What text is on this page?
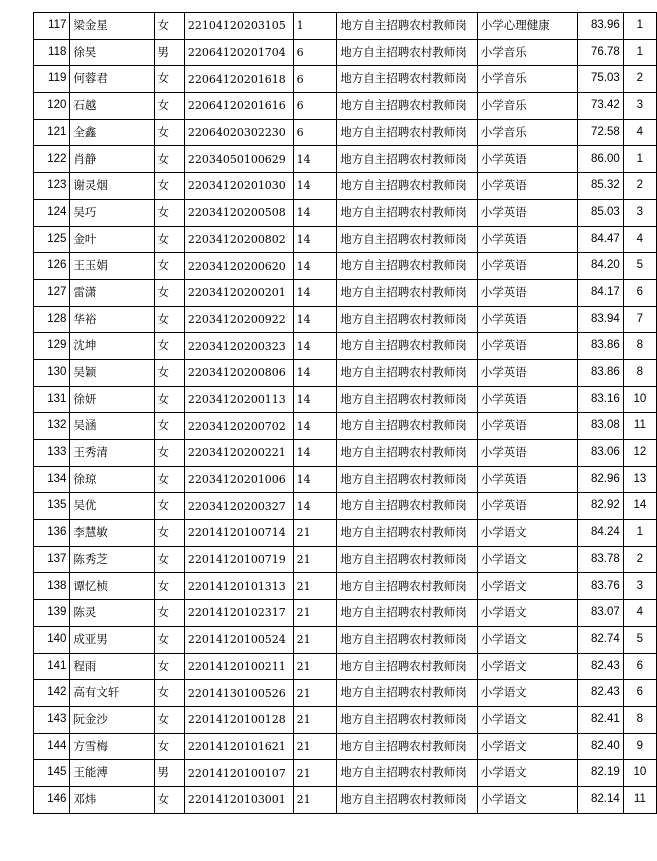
117	梁金星	女	22104120203105	1	地方自主招聘农村教师岗	小学心理健康	83.96	1
118	徐昊	男	22064120201704	6	地方自主招聘农村教师岗	小学音乐	76.78	1
119	何蓉君	女	22064120201618	6	地方自主招聘农村教师岗	小学音乐	75.03	2
120	石越	女	22064120201616	6	地方自主招聘农村教师岗	小学音乐	73.42	3
121	全鑫	女	22064020302230	6	地方自主招聘农村教师岗	小学音乐	72.58	4
122	肖静	女	22034050100629	14	地方自主招聘农村教师岗	小学英语	86.00	1
123	谢灵烟	女	22034120201030	14	地方自主招聘农村教师岗	小学英语	85.32	2
124	吴巧	女	22034120200508	14	地方自主招聘农村教师岗	小学英语	85.03	3
125	金叶	女	22034120200802	14	地方自主招聘农村教师岗	小学英语	84.47	4
126	王玉娟	女	22034120200620	14	地方自主招聘农村教师岗	小学英语	84.20	5
127	雷潇	女	22034120200201	14	地方自主招聘农村教师岗	小学英语	84.17	6
128	华裕	女	22034120200922	14	地方自主招聘农村教师岗	小学英语	83.94	7
129	沈坤	女	22034120200323	14	地方自主招聘农村教师岗	小学英语	83.86	8
130	吴颖	女	22034120200806	14	地方自主招聘农村教师岗	小学英语	83.86	8
131	徐妍	女	22034120200113	14	地方自主招聘农村教师岗	小学英语	83.16	10
132	吴涵	女	22034120200702	14	地方自主招聘农村教师岗	小学英语	83.08	11
133	王秀清	女	22034120200221	14	地方自主招聘农村教师岗	小学英语	83.06	12
134	徐琼	女	22034120201006	14	地方自主招聘农村教师岗	小学英语	82.96	13
135	吴优	女	22034120200327	14	地方自主招聘农村教师岗	小学英语	82.92	14
136	李慧敏	女	22014120100714	21	地方自主招聘农村教师岗	小学语文	84.24	1
137	陈秀芝	女	22014120100719	21	地方自主招聘农村教师岗	小学语文	83.78	2
138	谭忆桢	女	22014120101313	21	地方自主招聘农村教师岗	小学语文	83.76	3
139	陈灵	女	22014120102317	21	地方自主招聘农村教师岗	小学语文	83.07	4
140	成亚男	女	22014120100524	21	地方自主招聘农村教师岗	小学语文	82.74	5
141	程雨	女	22014120100211	21	地方自主招聘农村教师岗	小学语文	82.43	6
142	高有文轩	女	22014130100526	21	地方自主招聘农村教师岗	小学语文	82.43	6
143	阮金沙	女	22014120100128	21	地方自主招聘农村教师岗	小学语文	82.41	8
144	方雪梅	女	22014120101621	21	地方自主招聘农村教师岗	小学语文	82.40	9
145	王能溥	男	22014120100107	21	地方自主招聘农村教师岗	小学语文	82.19	10
146	邓炜	女	22014120103001	21	地方自主招聘农村教师岗	小学语文	82.14	11
